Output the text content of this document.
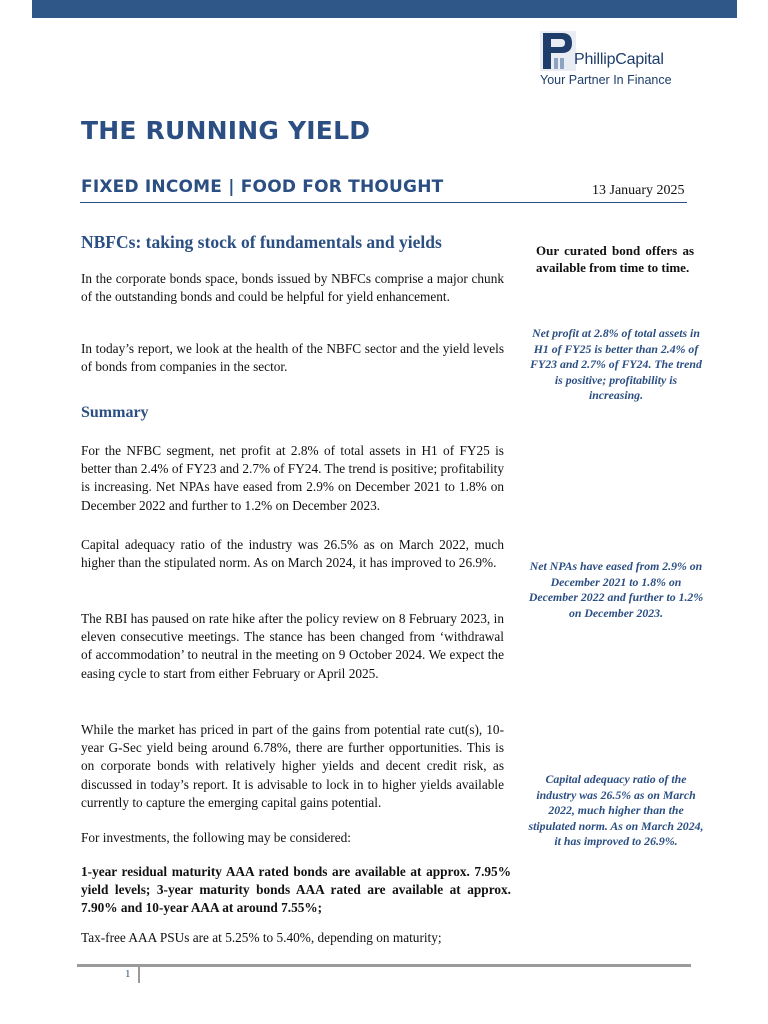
PhillipCapital
Your Partner In Finance
THE RUNNING YIELD
FIXED INCOME | FOOD FOR THOUGHT	13 January 2025
NBFCs: taking stock of fundamentals and yields

In the corporate bonds space, bonds issued by NBFCs comprise a major chunk of the outstanding bonds and could be helpful for yield enhancement.

In today’s report, we look at the health of the NBFC sector and the yield levels of bonds from companies in the sector.

Summary

For the NFBC segment, net profit at 2.8% of total assets in H1 of FY25 is better than 2.4% of FY23 and 2.7% of FY24. The trend is positive; profitability is increasing. Net NPAs have eased from 2.9% on December 2021 to 1.8% on December 2022 and further to 1.2% on December 2023.

Capital adequacy ratio of the industry was 26.5% as on March 2022, much higher than the stipulated norm. As on March 2024, it has improved to 26.9%.

The RBI has paused on rate hike after the policy review on 8 February 2023, in eleven consecutive meetings. The stance has been changed from ‘withdrawal of accommodation’ to neutral in the meeting on 9 October 2024. We expect the easing cycle to start from either February or April 2025.

While the market has priced in part of the gains from potential rate cut(s), 10-year G-Sec yield being around 6.78%, there are further opportunities. This is on corporate bonds with relatively higher yields and decent credit risk, as discussed in today’s report. It is advisable to lock in to higher yields available currently to capture the emerging capital gains potential.

For investments, the following may be considered:

1-year residual maturity AAA rated bonds are available at approx. 7.95% yield levels; 3-year maturity bonds AAA rated are available at approx. 7.90% and 10-year AAA at around 7.55%;

Tax-free AAA PSUs are at 5.25% to 5.40%, depending on maturity;

Our curated bond offers as available from time to time.

Net profit at 2.8% of total assets in H1 of FY25 is better than 2.4% of FY23 and 2.7% of FY24. The trend is positive; profitability is increasing.

Net NPAs have eased from 2.9% on December 2021 to 1.8% on December 2022 and further to 1.2% on December 2023.

Capital adequacy ratio of the industry was 26.5% as on March 2022, much higher than the stipulated norm. As on March 2024, it has improved to 26.9%.

1
